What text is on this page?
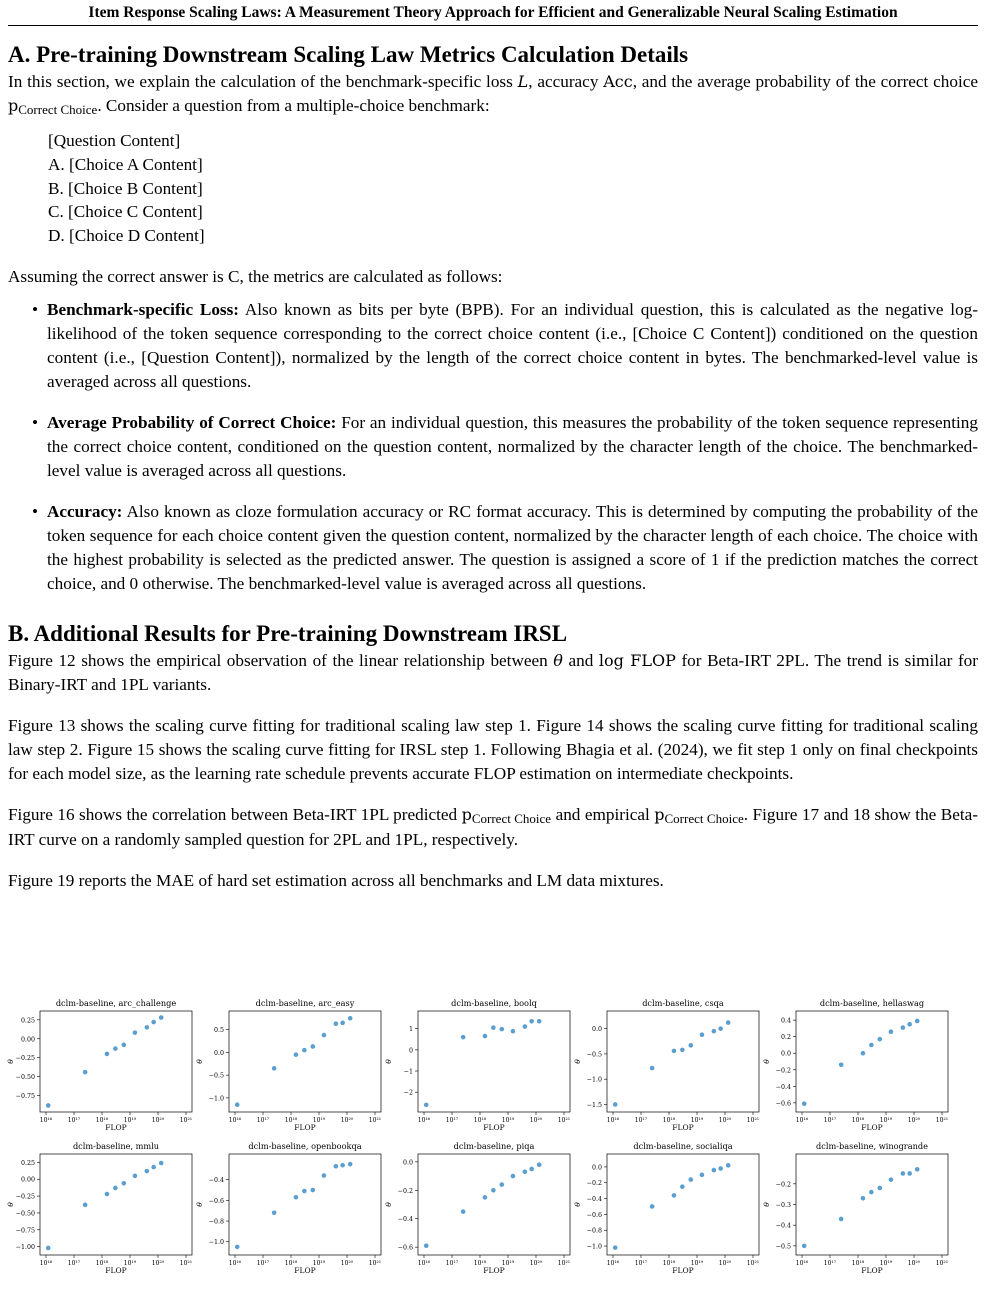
Item Response Scaling Laws: A Measurement Theory Approach for Efficient and Generalizable Neural Scaling Estimation
A. Pre-training Downstream Scaling Law Metrics Calculation Details

In this section, we explain the calculation of the benchmark-specific loss L, accuracy Acc, and the average probability of the correct choice pCorrect Choice. Consider a question from a multiple-choice benchmark:

[Question Content]
A. [Choice A Content]
B. [Choice B Content]
C. [Choice C Content]
D. [Choice D Content]

Assuming the correct answer is C, the metrics are calculated as follows:

• Benchmark-specific Loss: Also known as bits per byte (BPB). For an individual question, this is calculated as the negative log-likelihood of the token sequence corresponding to the correct choice content (i.e., [Choice C Content]) conditioned on the question content (i.e., [Question Content]), normalized by the length of the correct choice content in bytes. The benchmarked-level value is averaged across all questions.
• Average Probability of Correct Choice: For an individual question, this measures the probability of the token sequence representing the correct choice content, conditioned on the question content, normalized by the character length of the choice. The benchmarked-level value is averaged across all questions.
• Accuracy: Also known as cloze formulation accuracy or RC format accuracy. This is determined by computing the probability of the token sequence for each choice content given the question content, normalized by the character length of each choice. The choice with the highest probability is selected as the predicted answer. The question is assigned a score of 1 if the prediction matches the correct choice, and 0 otherwise. The benchmarked-level value is averaged across all questions.
B. Additional Results for Pre-training Downstream IRSL

Figure 12 shows the empirical observation of the linear relationship between θ and log FLOP for Beta-IRT 2PL. The trend is similar for Binary-IRT and 1PL variants.

Figure 13 shows the scaling curve fitting for traditional scaling law step 1. Figure 14 shows the scaling curve fitting for traditional scaling law step 2. Figure 15 shows the scaling curve fitting for IRSL step 1. Following Bhagia et al. (2024), we fit step 1 only on final checkpoints for each model size, as the learning rate schedule prevents accurate FLOP estimation on intermediate checkpoints.

Figure 16 shows the correlation between Beta-IRT 1PL predicted pCorrect Choice and empirical pCorrect Choice. Figure 17 and 18 show the Beta-IRT curve on a randomly sampled question for 2PL and 1PL, respectively.

Figure 19 reports the MAE of hard set estimation across all benchmarks and LM data mixtures.

dclm-baseline, arc_challenge
0.25
0.00
−0.25
−0.50
−0.75
10¹⁶	10¹⁷	10¹⁸	10¹⁹	10²⁰	10²¹
FLOP
θ
dclm-baseline, arc_easy
0.5
0.0
−0.5
−1.0
10¹⁶	10¹⁷	10¹⁸	10¹⁹	10²⁰	10²¹
FLOP
θ
dclm-baseline, boolq
1
0
−1
−2
10¹⁶	10¹⁷	10¹⁸	10¹⁹	10²⁰	10²¹
FLOP
θ
dclm-baseline, csqa
0.0
−0.5
−1.0
−1.5
10¹⁶	10¹⁷	10¹⁸	10¹⁹	10²⁰	10²¹
FLOP
θ
dclm-baseline, hellaswag
0.4
0.2
0.0
−0.2
−0.4
−0.6
10¹⁶	10¹⁷	10¹⁸	10¹⁹	10²⁰	10²¹
FLOP
θ
dclm-baseline, mmlu
0.25
0.00
−0.25
−0.50
−0.75
−1.00
10¹⁶	10¹⁷	10¹⁸	10¹⁹	10²⁰	10²¹
FLOP
θ
dclm-baseline, openbookqa
−0.4
−0.6
−0.8
−1.0
10¹⁶	10¹⁷	10¹⁸	10¹⁹	10²⁰	10²¹
FLOP
θ
dclm-baseline, piqa
0.0
−0.2
−0.4
−0.6
10¹⁶	10¹⁷	10¹⁸	10¹⁹	10²⁰	10²¹
FLOP
θ
dclm-baseline, socialiqa
0.0
−0.2
−0.4
−0.6
−0.8
−1.0
10¹⁶	10¹⁷	10¹⁸	10¹⁹	10²⁰	10²¹
FLOP
θ
dclm-baseline, winogrande
−0.2
−0.3
−0.4
−0.5
10¹⁶	10¹⁷	10¹⁸	10¹⁹	10²⁰	10²¹
FLOP
θ
